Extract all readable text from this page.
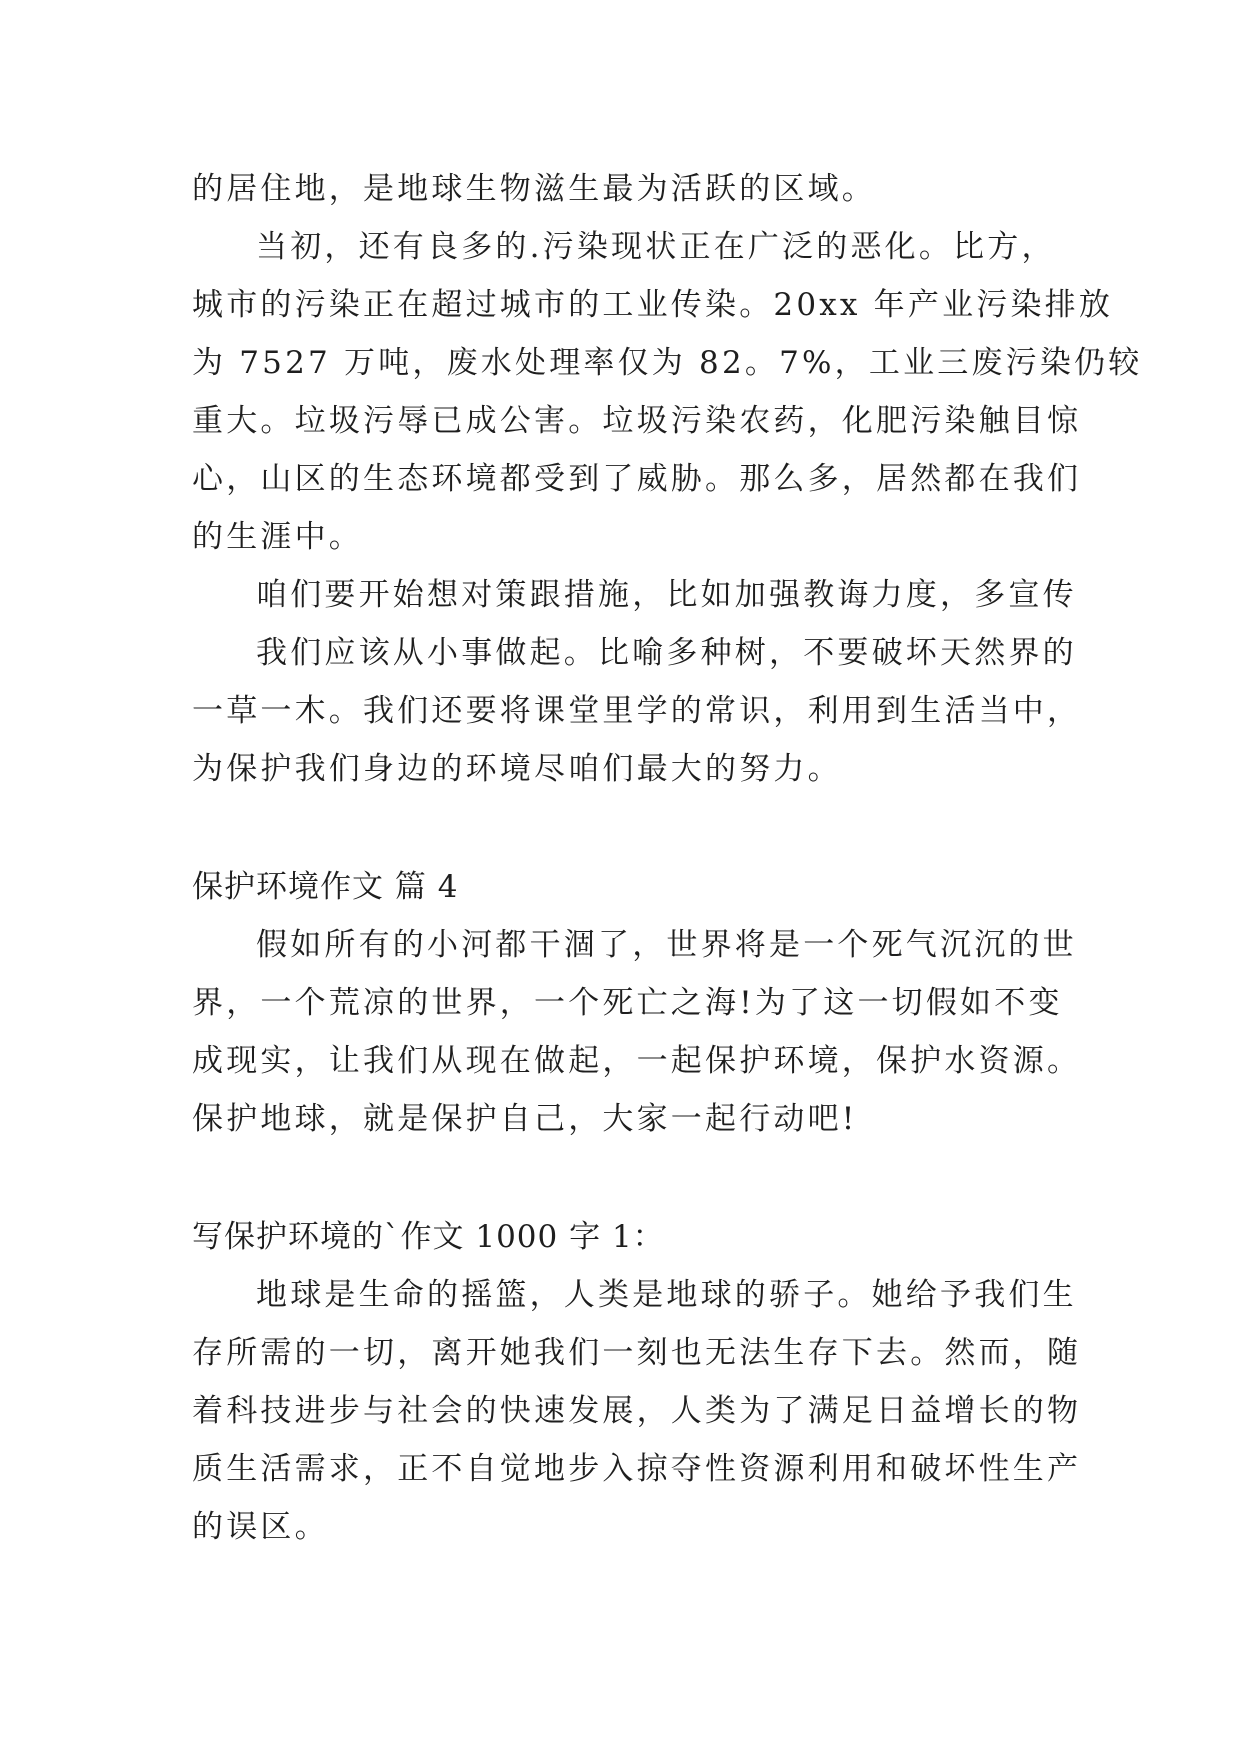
的居住地，是地球生物滋生最为活跃的区域。
当初，还有良多的.污染现状正在广泛的恶化。比方，
城市的污染正在超过城市的工业传染。20xx 年产业污染排放
为 7527 万吨，废水处理率仅为 82。7%，工业三废污染仍较
重大。垃圾污辱已成公害。垃圾污染农药，化肥污染触目惊
心，山区的生态环境都受到了威胁。那么多，居然都在我们
的生涯中。
咱们要开始想对策跟措施，比如加强教诲力度，多宣传
我们应该从小事做起。比喻多种树，不要破坏天然界的
一草一木。我们还要将课堂里学的常识，利用到生活当中，
为保护我们身边的环境尽咱们最大的努力。
保护环境作文 篇 4
假如所有的小河都干涸了，世界将是一个死气沉沉的世
界，一个荒凉的世界，一个死亡之海!为了这一切假如不变
成现实，让我们从现在做起，一起保护环境，保护水资源。
保护地球，就是保护自己，大家一起行动吧!
写保护环境的`作文 1000 字 1：
地球是生命的摇篮，人类是地球的骄子。她给予我们生
存所需的一切，离开她我们一刻也无法生存下去。然而，随
着科技进步与社会的快速发展，人类为了满足日益增长的物
质生活需求，正不自觉地步入掠夺性资源利用和破坏性生产
的误区。
